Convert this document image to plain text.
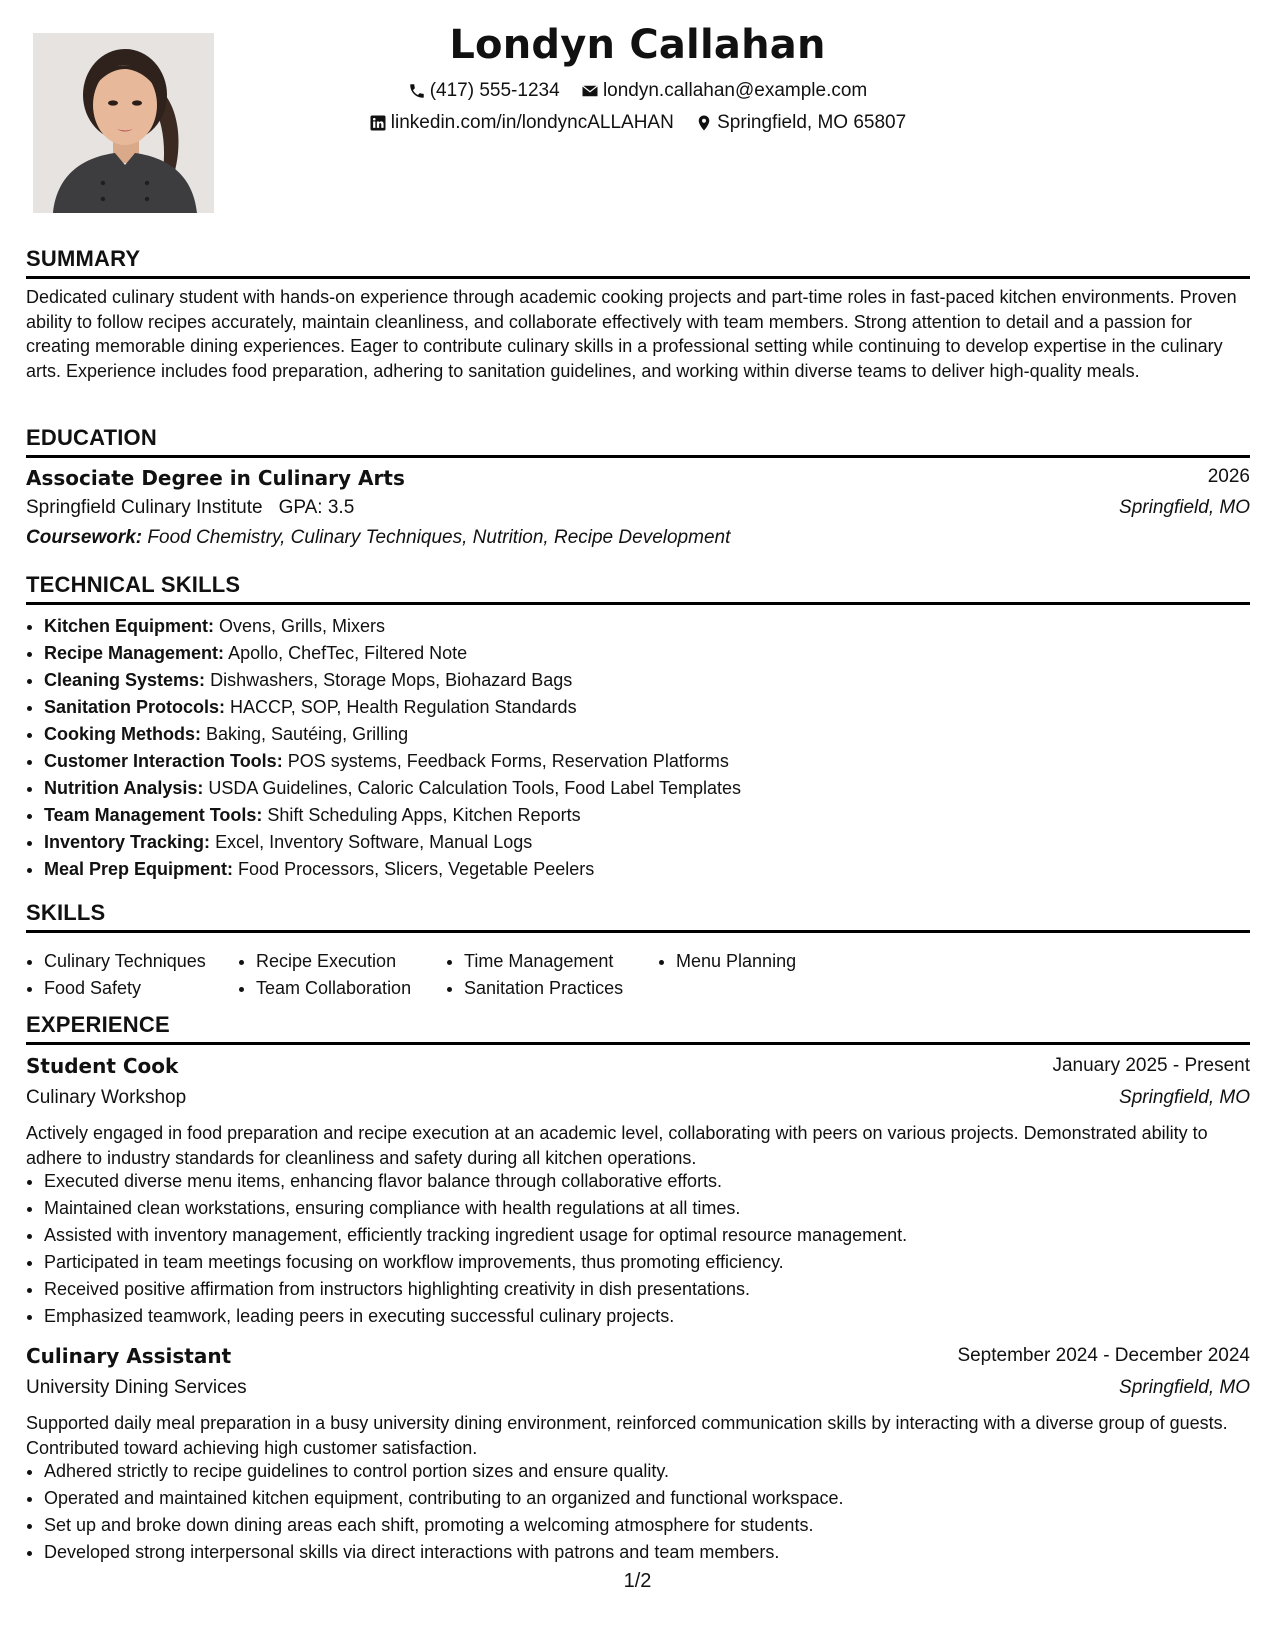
Londyn Callahan
(417) 555-1234
londyn.callahan@example.com
linkedin.com/in/londyncALLAHAN
Springfield, MO 65807
SUMMARY
Dedicated culinary student with hands-on experience through academic cooking projects and part-time roles in fast-paced kitchen environments. Proven ability to follow recipes accurately, maintain cleanliness, and collaborate effectively with team members. Strong attention to detail and a passion for creating memorable dining experiences. Eager to contribute culinary skills in a professional setting while continuing to develop expertise in the culinary arts. Experience includes food preparation, adhering to sanitation guidelines, and working within diverse teams to deliver high-quality meals.
EDUCATION
Associate Degree in Culinary Arts	2026
Springfield Culinary Institute GPA: 3.5	Springfield, MO
Coursework: Food Chemistry, Culinary Techniques, Nutrition, Recipe Development
TECHNICAL SKILLS
• Kitchen Equipment: Ovens, Grills, Mixers
• Recipe Management: Apollo, ChefTec, Filtered Note
• Cleaning Systems: Dishwashers, Storage Mops, Biohazard Bags
• Sanitation Protocols: HACCP, SOP, Health Regulation Standards
• Cooking Methods: Baking, Sautéing, Grilling
• Customer Interaction Tools: POS systems, Feedback Forms, Reservation Platforms
• Nutrition Analysis: USDA Guidelines, Caloric Calculation Tools, Food Label Templates
• Team Management Tools: Shift Scheduling Apps, Kitchen Reports
• Inventory Tracking: Excel, Inventory Software, Manual Logs
• Meal Prep Equipment: Food Processors, Slicers, Vegetable Peelers
SKILLS
• Culinary Techniques
• Food Safety
• Recipe Execution
• Team Collaboration
• Time Management
• Sanitation Practices
• Menu Planning
EXPERIENCE
Student Cook	January 2025 - Present
Culinary Workshop	Springfield, MO
Actively engaged in food preparation and recipe execution at an academic level, collaborating with peers on various projects. Demonstrated ability to adhere to industry standards for cleanliness and safety during all kitchen operations.
• Executed diverse menu items, enhancing flavor balance through collaborative efforts.
• Maintained clean workstations, ensuring compliance with health regulations at all times.
• Assisted with inventory management, efficiently tracking ingredient usage for optimal resource management.
• Participated in team meetings focusing on workflow improvements, thus promoting efficiency.
• Received positive affirmation from instructors highlighting creativity in dish presentations.
• Emphasized teamwork, leading peers in executing successful culinary projects.
Culinary Assistant	September 2024 - December 2024
University Dining Services	Springfield, MO
Supported daily meal preparation in a busy university dining environment, reinforced communication skills by interacting with a diverse group of guests. Contributed toward achieving high customer satisfaction.
• Adhered strictly to recipe guidelines to control portion sizes and ensure quality.
• Operated and maintained kitchen equipment, contributing to an organized and functional workspace.
• Set up and broke down dining areas each shift, promoting a welcoming atmosphere for students.
• Developed strong interpersonal skills via direct interactions with patrons and team members.
1/2
